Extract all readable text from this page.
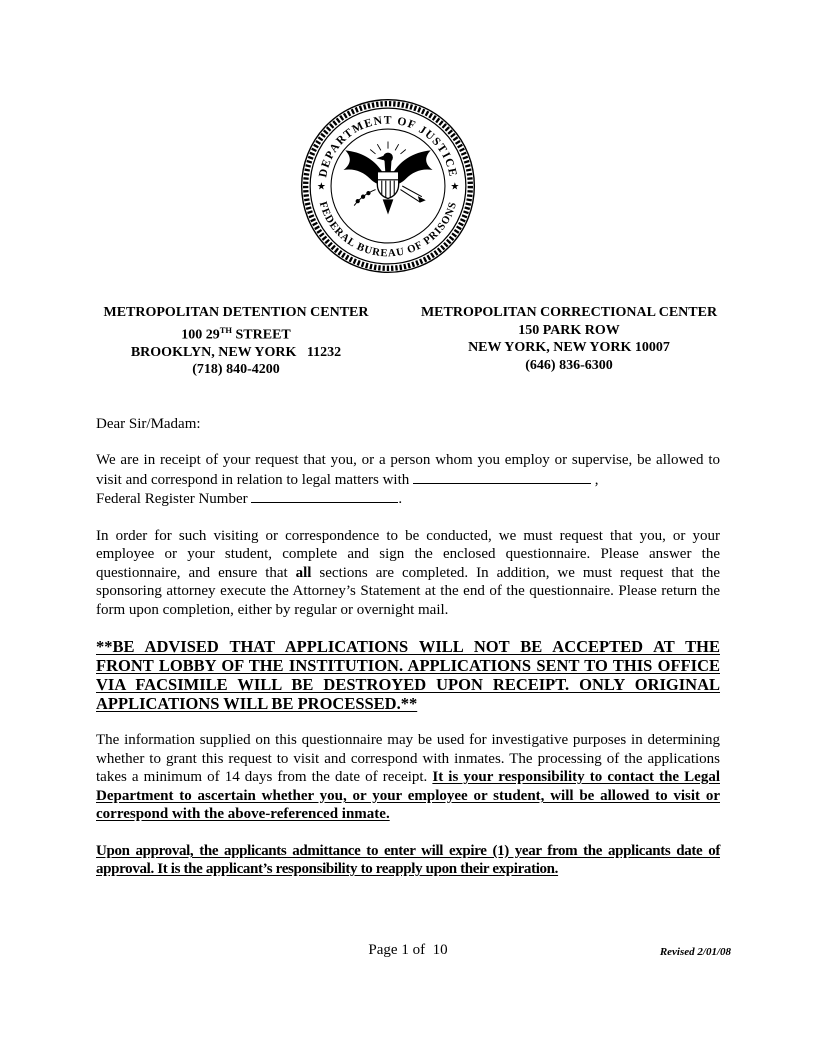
DEPARTMENT OF JUSTICE
FEDERAL BUREAU OF PRISONS
★	★
METROPOLITAN DETENTION CENTER
100 29TH STREET
BROOKLYN, NEW YORK   11232
(718) 840-4200
METROPOLITAN CORRECTIONAL CENTER
150 PARK ROW
NEW YORK, NEW YORK 10007
(646) 836-6300

Dear Sir/Madam:

We are in receipt of your request that you, or a person whom you employ or supervise, be allowed to visit and correspond in relation to legal matters with	,
Federal Register Number	.

In order for such visiting or correspondence to be conducted, we must request that you, or your employee or your student, complete and sign the enclosed questionnaire. Please answer the questionnaire, and ensure that all sections are completed. In addition, we must request that the sponsoring attorney execute the Attorney’s Statement at the end of the questionnaire. Please return the form upon completion, either by regular or overnight mail.

**BE ADVISED THAT APPLICATIONS WILL NOT BE ACCEPTED AT THE FRONT LOBBY OF THE INSTITUTION. APPLICATIONS SENT TO THIS OFFICE VIA FACSIMILE WILL BE DESTROYED UPON RECEIPT. ONLY ORIGINAL APPLICATIONS WILL BE PROCESSED.**

The information supplied on this questionnaire may be used for investigative purposes in determining whether to grant this request to visit and correspond with inmates. The processing of the applications takes a minimum of 14 days from the date of receipt. It is your responsibility to contact the Legal Department to ascertain whether you, or your employee or student, will be allowed to visit or correspond with the above-referenced inmate.

Upon approval, the applicants admittance to enter will expire (1) year from the applicants date of approval. It is the applicant’s responsibility to reapply upon their expiration.

Page 1 of  10	Revised 2/01/08
